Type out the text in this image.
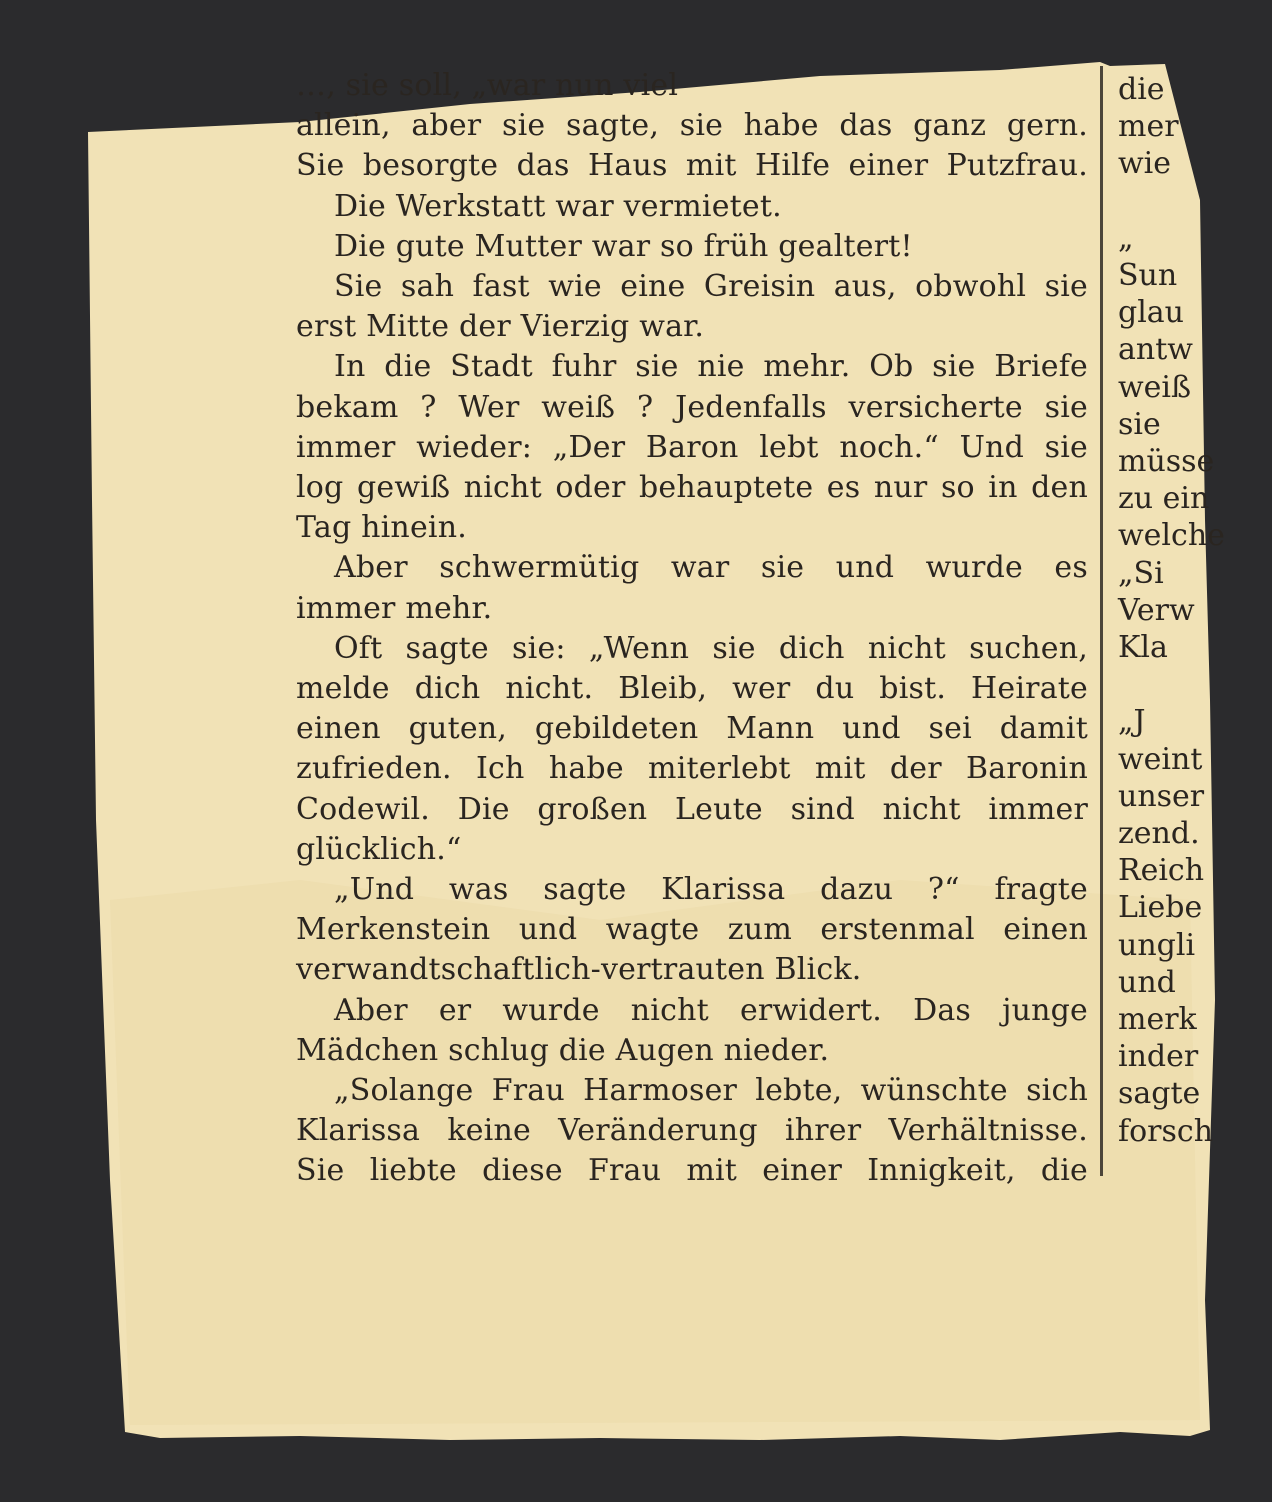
…, sie soll, „war nun viel
allein, aber sie sagte, sie habe das ganz gern.
Sie besorgte das Haus mit Hilfe einer Putzfrau.
Die Werkstatt war vermietet.
Die gute Mutter war so früh gealtert!
Sie sah fast wie eine Greisin aus, obwohl sie
erst Mitte der Vierzig war.
In die Stadt fuhr sie nie mehr. Ob sie Briefe
bekam ? Wer weiß ? Jedenfalls versicherte sie
immer wieder: „Der Baron lebt noch.“ Und sie
log gewiß nicht oder behauptete es nur so in den
Tag hinein.
Aber schwermütig war sie und wurde es
immer mehr.
Oft sagte sie: „Wenn sie dich nicht suchen,
melde dich nicht. Bleib, wer du bist. Heirate
einen guten, gebildeten Mann und sei damit
zufrieden. Ich habe miterlebt mit der Baronin
Codewil. Die großen Leute sind nicht immer
glücklich.“
„Und was sagte Klarissa dazu ?“ fragte
Merkenstein und wagte zum erstenmal einen
verwandtschaftlich-vertrauten Blick.
Aber er wurde nicht erwidert. Das junge
Mädchen schlug die Augen nieder.
„Solange Frau Harmoser lebte, wünschte sich
Klarissa keine Veränderung ihrer Verhältnisse.
Sie liebte diese Frau mit einer Innigkeit, die
die
mer
wie
„
Sun
glau
antw
weiß
sie
müsse
zu ein
welche
„Si
Verw
Kla
„J
weint
unser
zend.
Reich
Liebe
ungli
und
merk
inder
sagte
forsch
